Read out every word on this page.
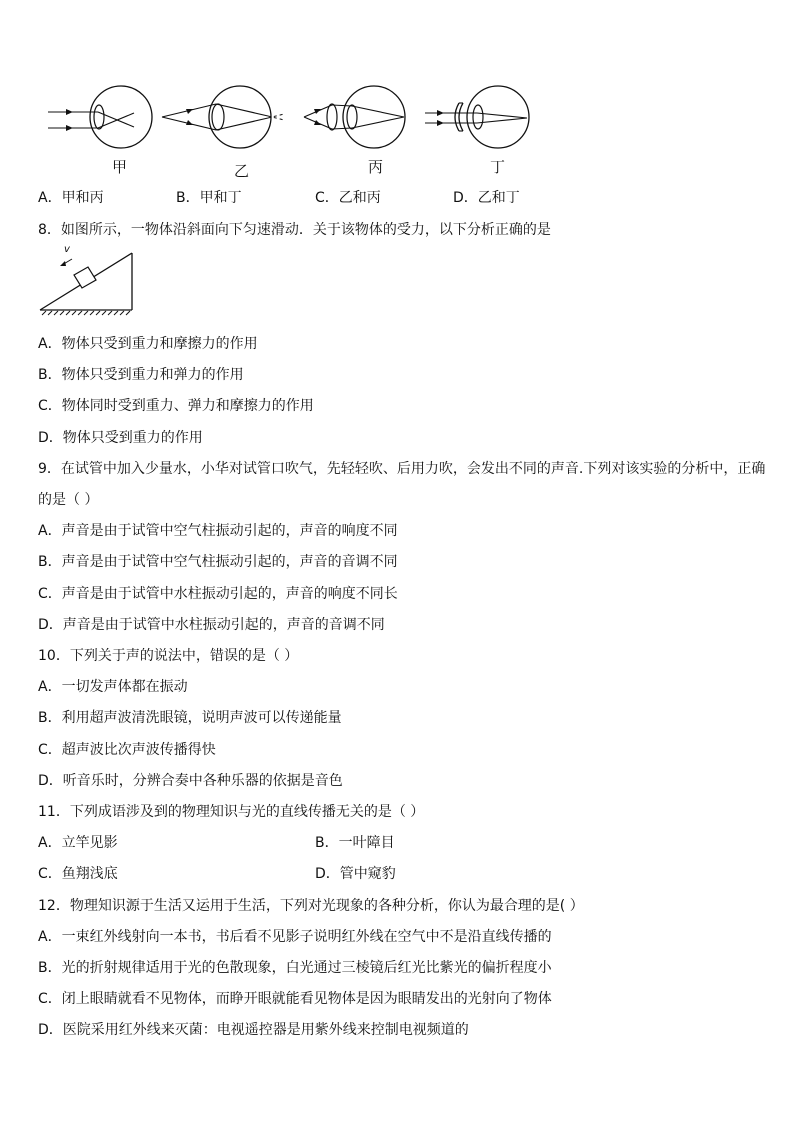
甲	乙	丙	丁
A．甲和丙	B．甲和丁	C．乙和丙	D．乙和丁
8．如图所示，一物体沿斜面向下匀速滑动．关于该物体的受力，以下分析正确的是
v
A．物体只受到重力和摩擦力的作用
B．物体只受到重力和弹力的作用
C．物体同时受到重力、弹力和摩擦力的作用
D．物体只受到重力的作用
9．在试管中加入少量水，小华对试管口吹气，先轻轻吹、后用力吹，会发出不同的声音.下列对该实验的分析中，正确
的是（ ）
A．声音是由于试管中空气柱振动引起的，声音的响度不同
B．声音是由于试管中空气柱振动引起的，声音的音调不同
C．声音是由于试管中水柱振动引起的，声音的响度不同长
D．声音是由于试管中水柱振动引起的，声音的音调不同
10．下列关于声的说法中，错误的是（ ）
A．一切发声体都在振动
B．利用超声波清洗眼镜，说明声波可以传递能量
C．超声波比次声波传播得快
D．听音乐时，分辨合奏中各种乐器的依据是音色
11．下列成语涉及到的物理知识与光的直线传播无关的是（ ）
A．立竿见影	B．一叶障目
C．鱼翔浅底	D．管中窥豹
12．物理知识源于生活又运用于生活，下列对光现象的各种分析，你认为最合理的是( ）
A．一束红外线射向一本书，书后看不见影子说明红外线在空气中不是沿直线传播的
B．光的折射规律适用于光的色散现象，白光通过三棱镜后红光比紫光的偏折程度小
C．闭上眼睛就看不见物体，而睁开眼就能看见物体是因为眼睛发出的光射向了物体
D．医院采用红外线来灭菌：电视遥控器是用紫外线来控制电视频道的
